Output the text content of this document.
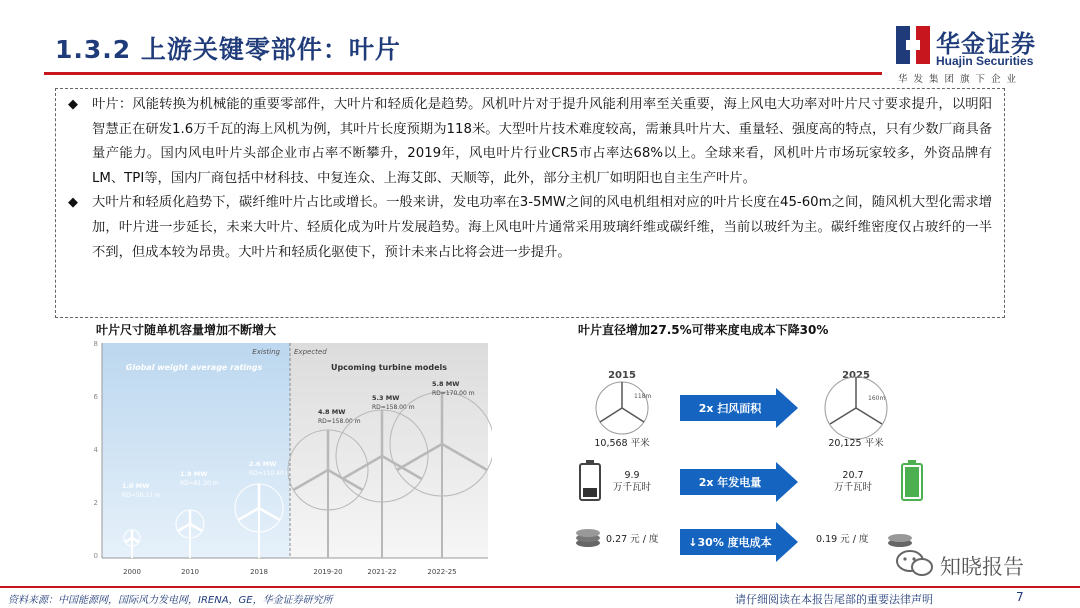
1.3.2 上游关键零部件：叶片	华金证券
Huajin Securities
华发集团旗下企业
◆ 叶片：风能转换为机械能的重要零部件，大叶片和轻质化是趋势。风机叶片对于提升风能利用率至关重要，海上风电大功率对叶片尺寸要求提升，以明阳智慧正在研发1.6万千瓦的海上风机为例，其叶片长度预期为118米。大型叶片技术难度较高，需兼具叶片大、重量轻、强度高的特点，只有少数厂商具备量产能力。国内风电叶片头部企业市占率不断攀升，2019年，风电叶片行业CR5市占率达68%以上。全球来看，风机叶片市场玩家较多，外资品牌有LM、TPI等，国内厂商包括中材科技、中复连众、上海艾郎、天顺等，此外，部分主机厂如明阳也自主生产叶片。
◆ 大叶片和轻质化趋势下，碳纤维叶片占比或增长。一般来讲，发电功率在3-5MW之间的风电机组相对应的叶片长度在45-60m之间，随风机大型化需求增加，叶片进一步延长，未来大叶片、轻质化成为叶片发展趋势。海上风电叶片通常采用玻璃纤维或碳纤维，当前以玻纤为主。碳纤维密度仅占玻纤的一半不到，但成本较为昂贵。大叶片和轻质化驱使下，预计未来占比将会进一步提升。
叶片尺寸随单机容量增加不断增大
Existing Expected
Global weight average ratings	Upcoming turbine models
8
6
4
2
0
2000	2010	2018	2019-20	2021-22	2022-25
1.0 MW
RD=50.17 m
1.9 MW
RD=81.20 m
2.6 MW
RD=110.40 m
4.8 MW
RD=158.00 m
5.3 MW
RD=158.00 m
5.8 MW
RD=170.00 m
叶片直径增加27.5%可带来度电成本下降30%
2015	2025
118m	160m
10,568 平米	20,125 平米
9.9
万千瓦时
20.7
万千瓦时
0.27 元 / 度	0.19 元 / 度
2x 扫风面积
2x 年发电量
↓30% 度电成本
知晓报告
资料来源：中国能源网，国际风力发电网，IRENA，GE，华金证券研究所	请仔细阅读在本报告尾部的重要法律声明	7
